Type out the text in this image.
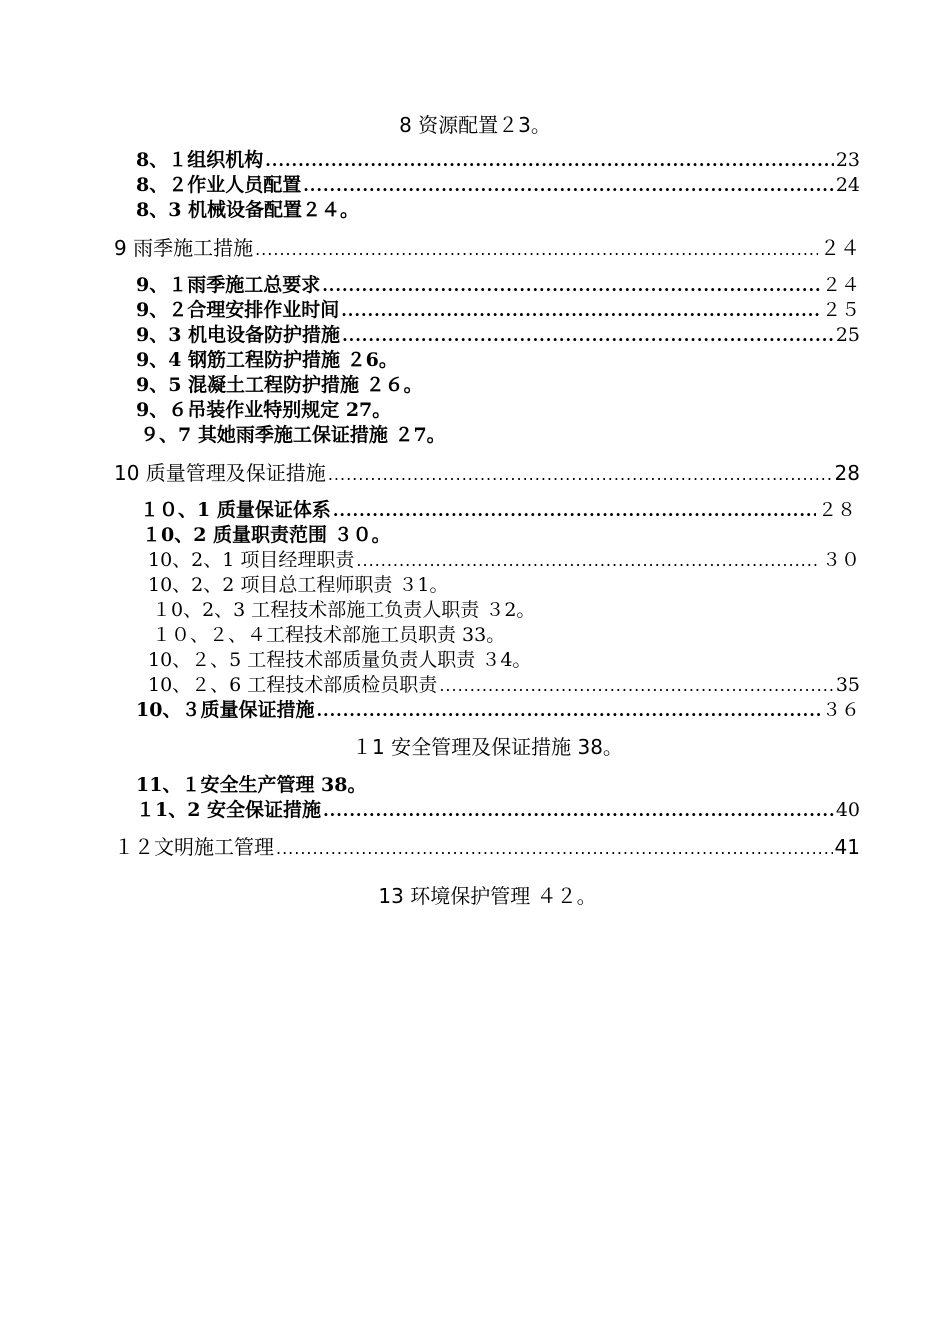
8 资源配置２3。
8、１组织机构 .....	23
8、２作业人员配置 .....	24
8、3 机械设备配置２４。
9 雨季施工措施 .....	２４
9、１雨季施工总要求 .....	２４
9、２合理安排作业时间 .....	２５
9、3 机电设备防护措施 .....	25
9、4 钢筋工程防护措施 ２6。
9、5 混凝土工程防护措施 ２６。
9、６吊装作业特别规定 27。
９、7 其她雨季施工保证措施 ２7。
10 质量管理及保证措施 .....	28
１０、1 质量保证体系 .....	２８
１0、2 质量职责范围 ３０。
10、2、1 项目经理职责 .....	３０
10、2、2 项目总工程师职责 ３1。
１0、2、3 工程技术部施工负责人职责 ３2。
１０、２、４工程技术部施工员职责 33。
10、２、5 工程技术部质量负责人职责 ３4。
10、２、6 工程技术部质检员职责 .....	35
10、３质量保证措施 .....	３６
１1 安全管理及保证措施 38。
11、１安全生产管理 38。
１1、2 安全保证措施 .....	40
１２文明施工管理 .....	41
13 环境保护管理 ４２。
